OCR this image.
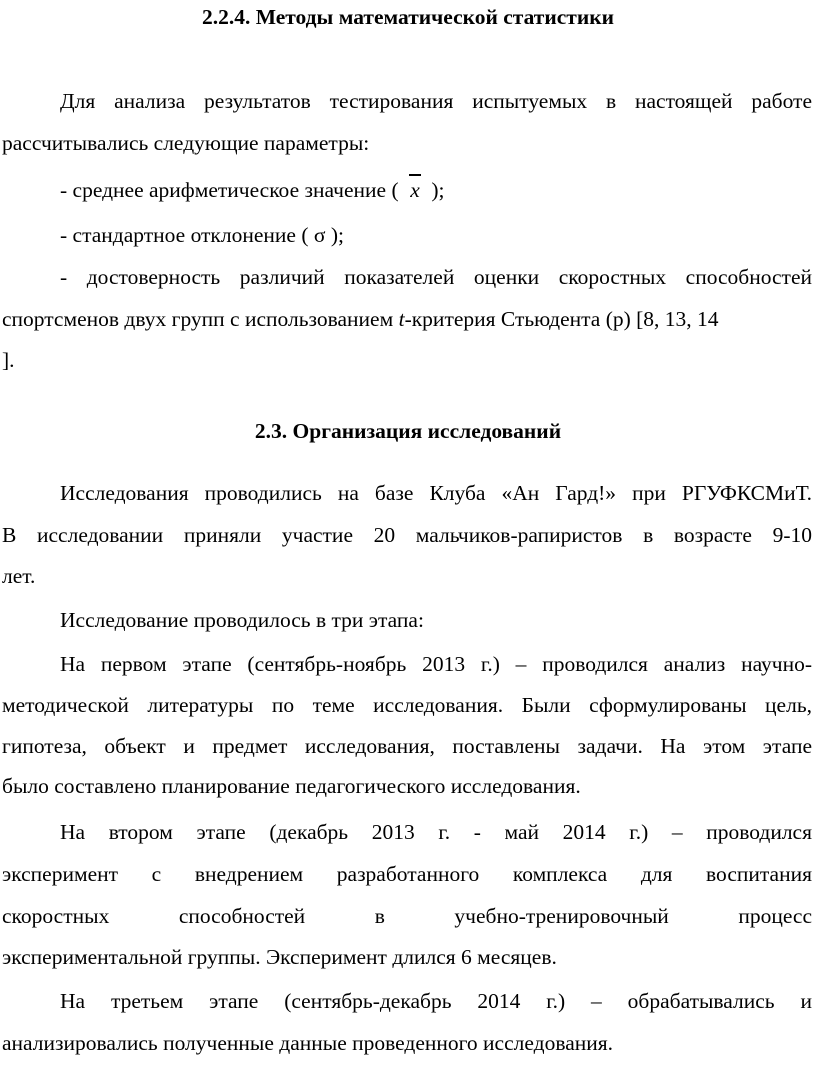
2.2.4. Методы математической статистики
Для анализа результатов тестирования испытуемых в настоящей работе
рассчитывались следующие параметры:
- среднее арифметическое значение ( x );
- стандартное отклонение ( σ );
- достоверность различий показателей оценки скоростных способностей
спортсменов двух групп с использованием t-критерия Стьюдента (р) [8, 13, 14
].
2.3. Организация исследований
Исследования проводились на базе Клуба «Ан Гард!» при РГУФКСМиТ.
В исследовании приняли участие 20 мальчиков-рапиристов в возрасте 9-10
лет.
Исследование проводилось в три этапа:
На первом этапе (сентябрь-ноябрь 2013 г.) – проводился анализ научно-
методической литературы по теме исследования. Были сформулированы цель,
гипотеза, объект и предмет исследования, поставлены задачи. На этом этапе
было составлено планирование педагогического исследования.
На втором этапе (декабрь 2013 г. - май 2014 г.) – проводился
эксперимент с внедрением разработанного комплекса для воспитания
скоростных способностей в учебно-тренировочный процесс
экспериментальной группы. Эксперимент длился 6 месяцев.
На третьем этапе (сентябрь-декабрь 2014 г.) – обрабатывались и
анализировались полученные данные проведенного исследования.
